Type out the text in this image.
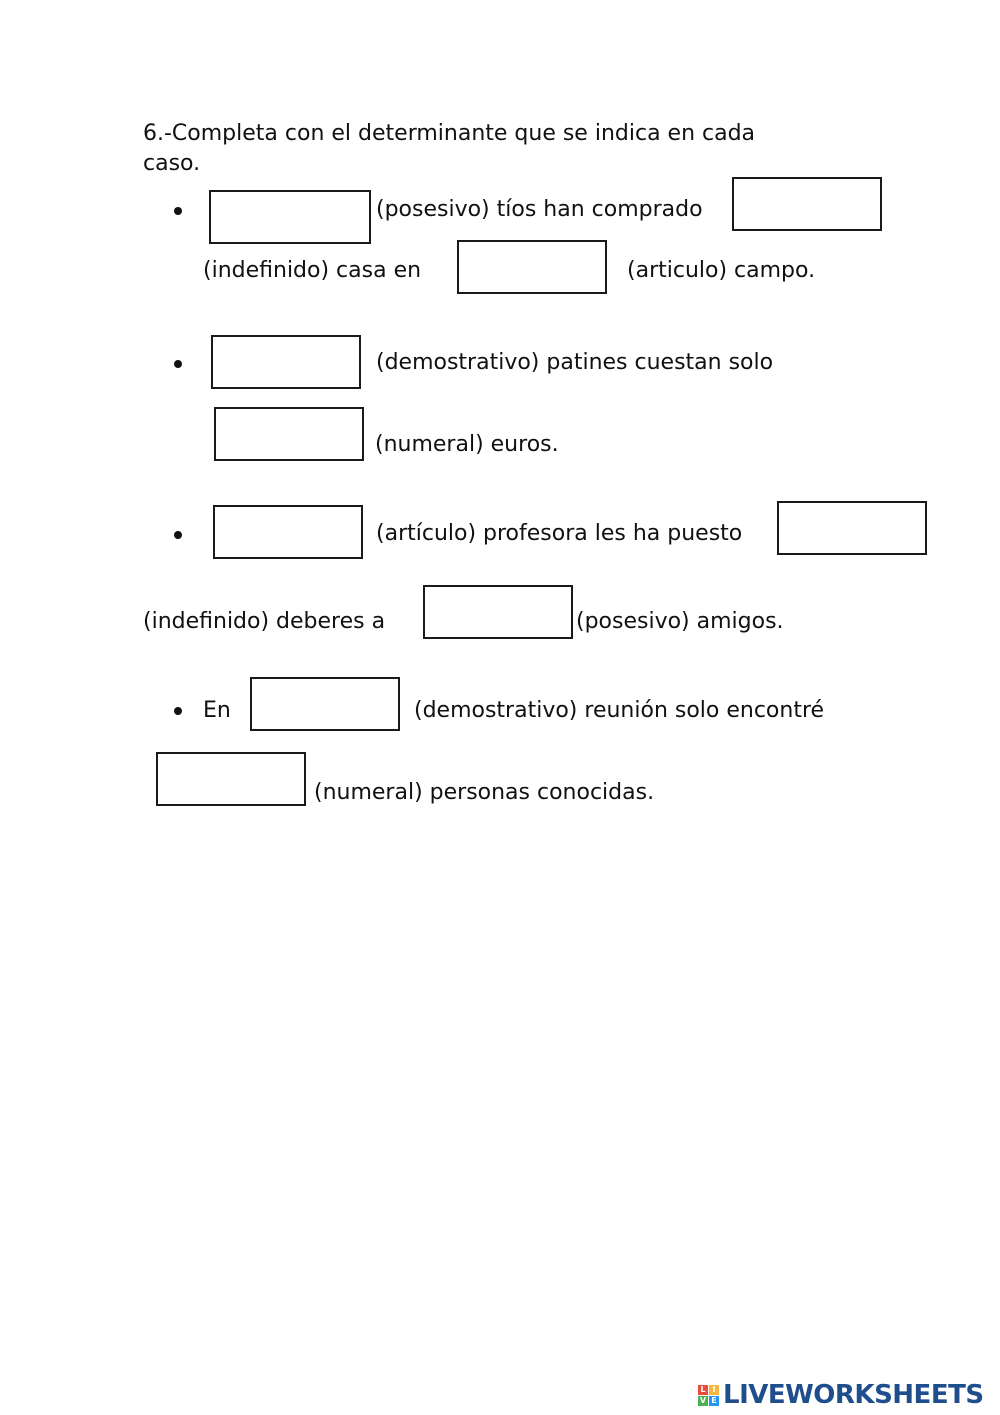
6.-Completa con el determinante que se indica en cada
caso.
(posesivo) tíos han comprado
(indefinido) casa en	(articulo) campo.
(demostrativo) patines cuestan solo
(numeral) euros.
(artículo) profesora les ha puesto
(indefinido) deberes a	(posesivo) amigos.
En	(demostrativo) reunión solo encontré
(numeral) personas conocidas.
L I
V E LIVEWORKSHEETS
